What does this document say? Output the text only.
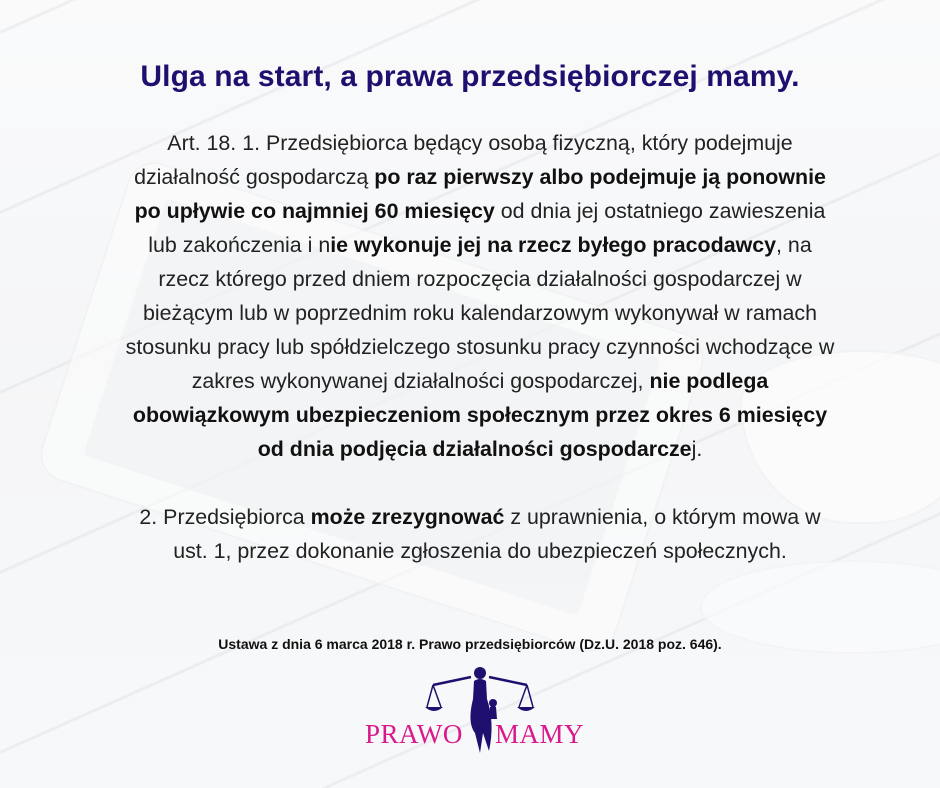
Ulga na start, a prawa przedsiębiorczej mamy.

Art. 18. 1. Przedsiębiorca będący osobą fizyczną, który podejmuje działalność gospodarczą po raz pierwszy albo podejmuje ją ponownie po upływie co najmniej 60 miesięcy od dnia jej ostatniego zawieszenia lub zakończenia i nie wykonuje jej na rzecz byłego pracodawcy, na rzecz którego przed dniem rozpoczęcia działalności gospodarczej w bieżącym lub w poprzednim roku kalendarzowym wykonywał w ramach stosunku pracy lub spółdzielczego stosunku pracy czynności wchodzące w zakres wykonywanej działalności gospodarczej, nie podlega obowiązkowym ubezpieczeniom społecznym przez okres 6 miesięcy od dnia podjęcia działalności gospodarczej.

2. Przedsiębiorca może zrezygnować z uprawnienia, o którym mowa w ust. 1, przez dokonanie zgłoszenia do ubezpieczeń społecznych.

Ustawa z dnia 6 marca 2018 r. Prawo przedsiębiorców (Dz.U. 2018 poz. 646).
PRAWO MAMY
